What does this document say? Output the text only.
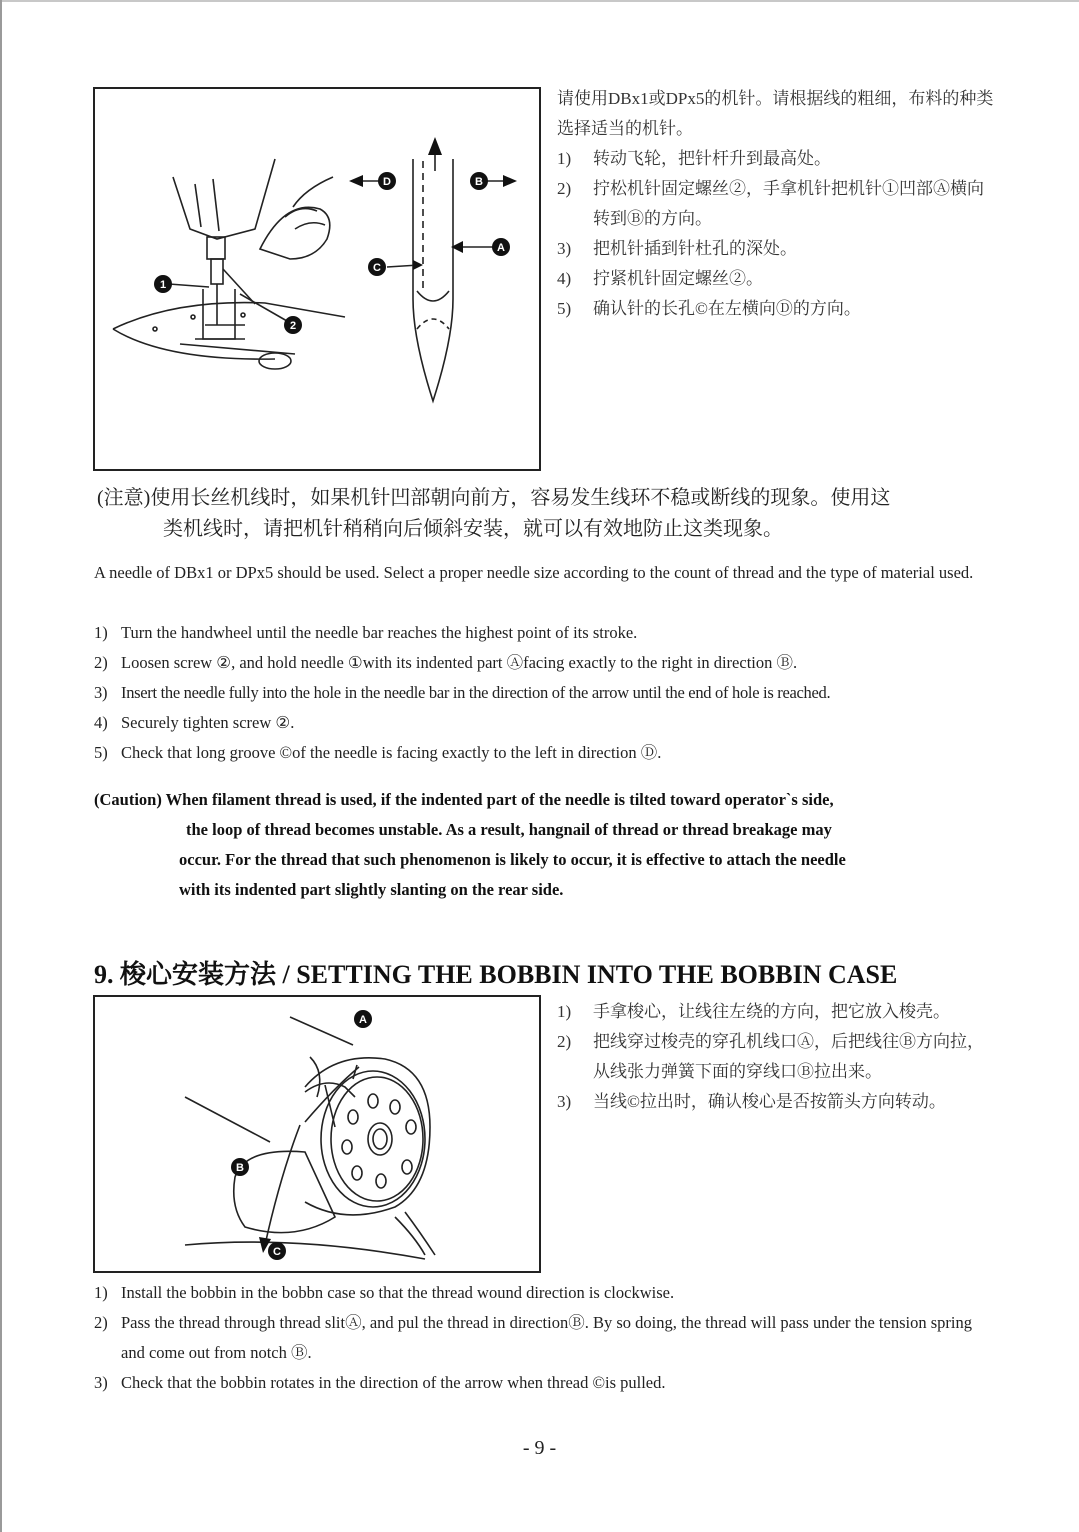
D	B
A
C
1
2
请使用DBx1或DPx5的机针。请根据线的粗细，布料的种类选择适当的机针。
1) 转动飞轮，把针杆升到最高处。
2) 拧松机针固定螺丝②，手拿机针把机针①凹部Ⓐ横向转到Ⓑ的方向。
3) 把机针插到针杜孔的深处。
4) 拧紧机针固定螺丝②。
5) 确认针的长孔©在左横向Ⓓ的方向。
(注意)使用长丝机线时，如果机针凹部朝向前方，容易发生线环不稳或断线的现象。使用这
类机线时，请把机针稍稍向后倾斜安装，就可以有效地防止这类现象。
A needle of DBx1 or DPx5 should be used. Select a proper needle size according to the count of thread and the type of material used.
1) Turn the handwheel until the needle bar reaches the highest point of its stroke.
2) Loosen screw ②, and hold needle ①with its indented part Ⓐfacing exactly to the right in direction Ⓑ.
3) Insert the needle fully into the hole in the needle bar in the direction of the arrow until the end of hole is reached.
4) Securely tighten screw ②.
5) Check that long groove ©of the needle is facing exactly to the left in direction Ⓓ.
(Caution) When filament thread is used, if the indented part of the needle is tilted toward operator`s side,
the loop of thread becomes unstable. As a result, hangnail of thread or thread breakage may
occur. For the thread that such phenomenon is likely to occur, it is effective to attach the needle
with its indented part slightly slanting on the rear side.
9. 梭心安装方法 / SETTING THE BOBBIN INTO THE BOBBIN CASE
A
B
C
1) 手拿梭心，让线往左绕的方向，把它放入梭壳。
2) 把线穿过梭壳的穿孔机线口Ⓐ，后把线往Ⓑ方向拉，从线张力弹簧下面的穿线口Ⓑ拉出来。
3) 当线©拉出时，确认梭心是否按箭头方向转动。
1) Install the bobbin in the bobbn case so that the thread wound direction is clockwise.
2) Pass the thread through thread slitⒶ, and pul the thread in directionⒷ. By so doing, the thread will pass under the tension spring and come out from notch Ⓑ.
3) Check that the bobbin rotates in the direction of the arrow when thread ©is pulled.
- 9 -
